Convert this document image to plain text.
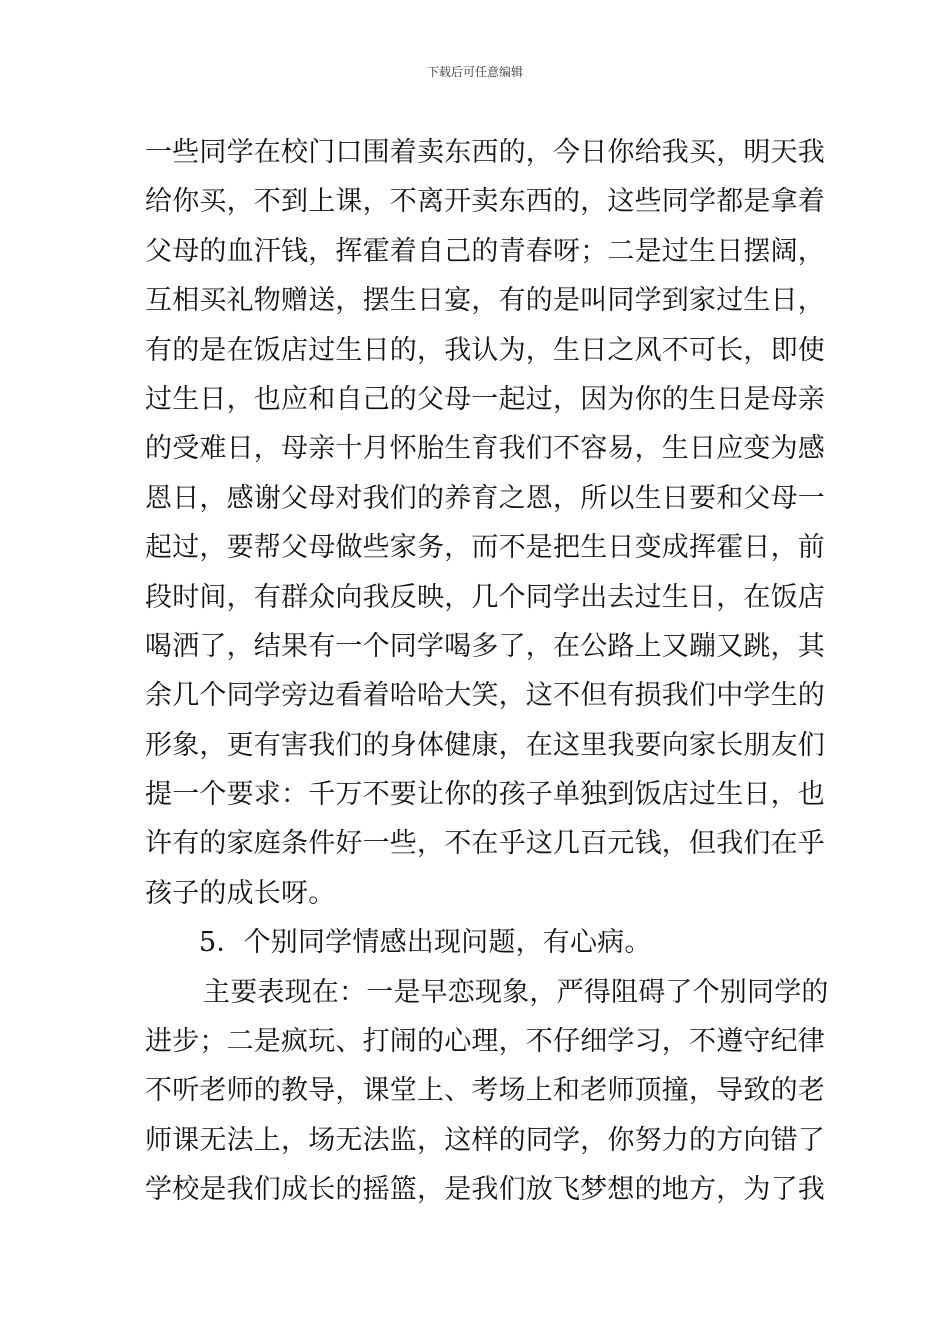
下载后可任意编辑
一些同学在校门口围着卖东西的，今日你给我买，明天我
给你买，不到上课，不离开卖东西的，这些同学都是拿着
父母的血汗钱，挥霍着自己的青春呀；二是过生日摆阔，
互相买礼物赠送，摆生日宴，有的是叫同学到家过生日，
有的是在饭店过生日的，我认为，生日之风不可长，即使
过生日，也应和自己的父母一起过，因为你的生日是母亲
的受难日，母亲十月怀胎生育我们不容易，生日应变为感
恩日，感谢父母对我们的养育之恩，所以生日要和父母一
起过，要帮父母做些家务，而不是把生日变成挥霍日，前
段时间，有群众向我反映，几个同学出去过生日，在饭店
喝洒了，结果有一个同学喝多了，在公路上又蹦又跳，其
余几个同学旁边看着哈哈大笑，这不但有损我们中学生的
形象，更有害我们的身体健康，在这里我要向家长朋友们
提一个要求：千万不要让你的孩子单独到饭店过生日，也
许有的家庭条件好一些，不在乎这几百元钱，但我们在乎
孩子的成长呀。
5．个别同学情感出现问题，有心病。
主要表现在：一是早恋现象，严得阻碍了个别同学的
进步；二是疯玩、打闹的心理，不仔细学习，不遵守纪律
不听老师的教导，课堂上、考场上和老师顶撞，导致的老
师课无法上，场无法监，这样的同学，你努力的方向错了
学校是我们成长的摇篮，是我们放飞梦想的地方，为了我
